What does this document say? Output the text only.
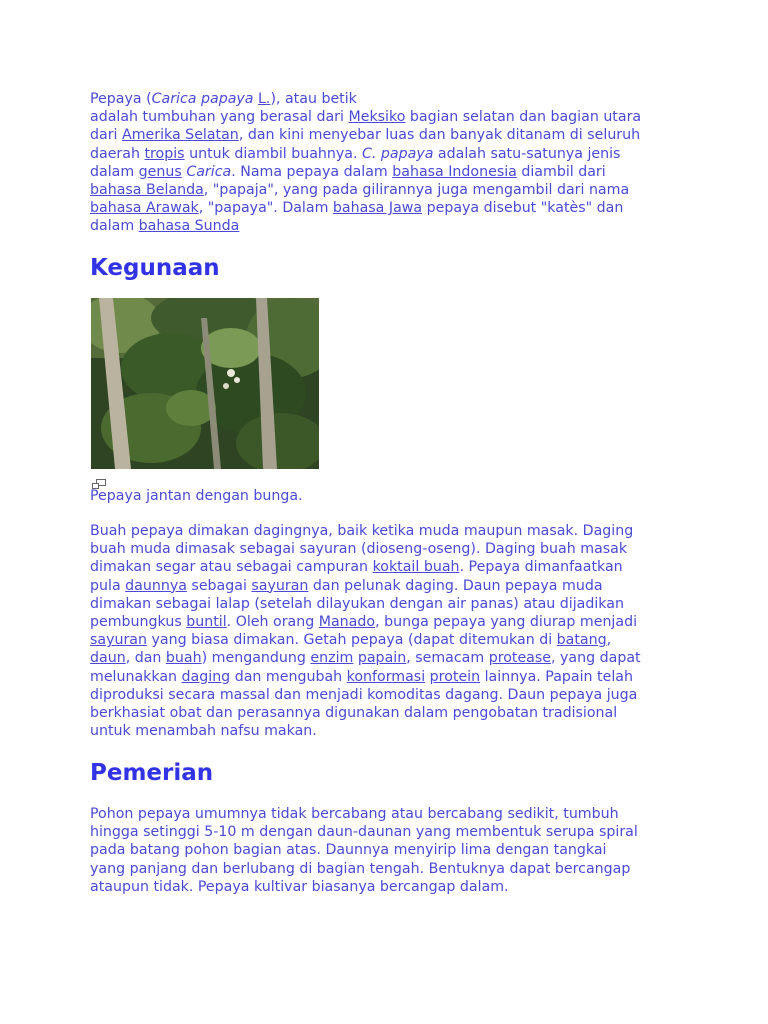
Pepaya (Carica papaya L.), atau betik
adalah tumbuhan yang berasal dari Meksiko bagian selatan dan bagian utara
dari Amerika Selatan, dan kini menyebar luas dan banyak ditanam di seluruh
daerah tropis untuk diambil buahnya. C. papaya adalah satu-satunya jenis
dalam genus Carica. Nama pepaya dalam bahasa Indonesia diambil dari
bahasa Belanda, "papaja", yang pada gilirannya juga mengambil dari nama
bahasa Arawak, "papaya". Dalam bahasa Jawa pepaya disebut "katès" dan
dalam bahasa Sunda

Kegunaan

Pepaya jantan dengan bunga.

Buah pepaya dimakan dagingnya, baik ketika muda maupun masak. Daging
buah muda dimasak sebagai sayuran (dioseng-oseng). Daging buah masak
dimakan segar atau sebagai campuran koktail buah. Pepaya dimanfaatkan
pula daunnya sebagai sayuran dan pelunak daging. Daun pepaya muda
dimakan sebagai lalap (setelah dilayukan dengan air panas) atau dijadikan
pembungkus buntil. Oleh orang Manado, bunga pepaya yang diurap menjadi
sayuran yang biasa dimakan. Getah pepaya (dapat ditemukan di batang,
daun, dan buah) mengandung enzim papain, semacam protease, yang dapat
melunakkan daging dan mengubah konformasi protein lainnya. Papain telah
diproduksi secara massal dan menjadi komoditas dagang. Daun pepaya juga
berkhasiat obat dan perasannya digunakan dalam pengobatan tradisional
untuk menambah nafsu makan.

Pemerian

Pohon pepaya umumnya tidak bercabang atau bercabang sedikit, tumbuh
hingga setinggi 5-10 m dengan daun-daunan yang membentuk serupa spiral
pada batang pohon bagian atas. Daunnya menyirip lima dengan tangkai
yang panjang dan berlubang di bagian tengah. Bentuknya dapat bercangap
ataupun tidak. Pepaya kultivar biasanya bercangap dalam.
